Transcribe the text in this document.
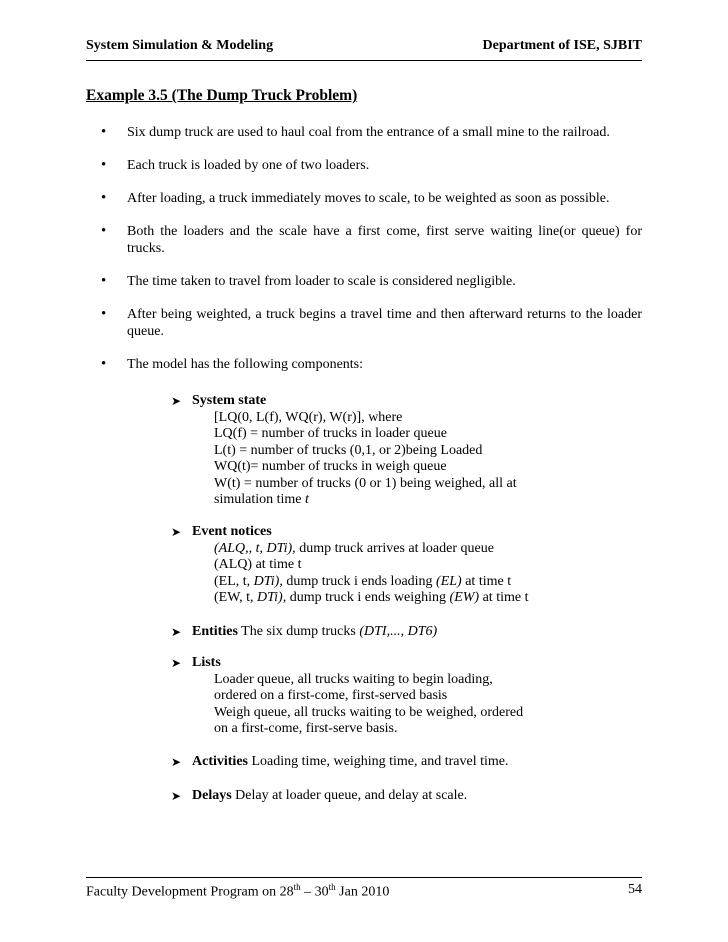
System Simulation & Modeling	Department of ISE, SJBIT
Example 3.5 (The Dump Truck Problem)
• Six dump truck are used to haul coal from the entrance of a small mine to the railroad.
• Each truck is loaded by one of two loaders.
• After loading, a truck immediately moves to scale, to be weighted as soon as possible.
• Both the loaders and the scale have a first come, first serve waiting line(or queue) for trucks.
• The time taken to travel from loader to scale is considered negligible.
• After being weighted, a truck begins a travel time and then afterward returns to the loader queue.
• The model has the following components:
➤ System state
[LQ(0, L(f), WQ(r), W(r)], where
LQ(f) = number of trucks in loader queue
L(t) = number of trucks (0,1, or 2)being Loaded
WQ(t)= number of trucks in weigh queue
W(t) = number of trucks (0 or 1) being weighed, all at
simulation time t
➤ Event notices
(ALQ,, t, DTi), dump truck arrives at loader queue
(ALQ) at time t
(EL, t, DTi), dump truck i ends loading (EL) at time t
(EW, t, DTi), dump truck i ends weighing (EW) at time t
➤ Entities The six dump trucks (DTI,..., DT6)
➤ Lists
Loader queue, all trucks waiting to begin loading,
ordered on a first-come, first-served basis
Weigh queue, all trucks waiting to be weighed, ordered
on a first-come, first-serve basis.
➤ Activities Loading time, weighing time, and travel time.
➤ Delays Delay at loader queue, and delay at scale.
Faculty Development Program on 28th – 30th Jan 2010	54
